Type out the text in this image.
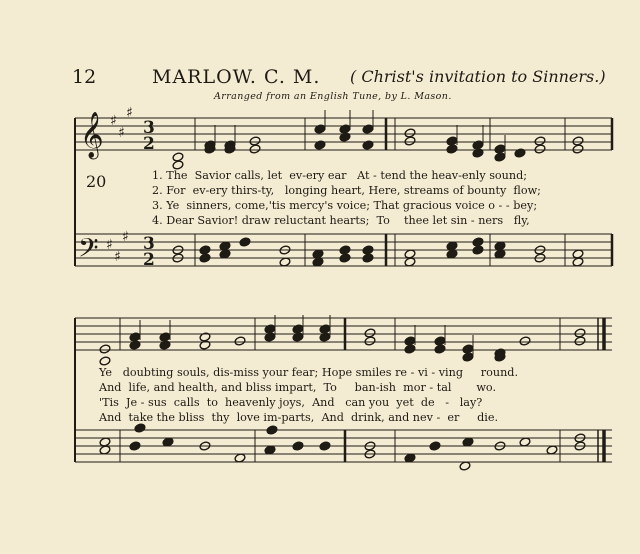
12	MARLOW. C. M. ( Christ's invitation to Sinners.)
Arranged from an English Tune, by L. Mason.
𝄞
𝄢
♯
♯
♯
♯
♯
♯
3
2
3
2
20	1. The  Savior calls, let  ev-ery ear   At - tend the heav-enly sound;
2. For  ev-ery thirs-ty,   longing heart, Here, streams of bounty  flow;
3. Ye  sinners, come,'tis mercy's voice; That gracious voice o - - bey;
4. Dear Savior! draw reluctant hearts;  To    thee let sin - ners   fly,
Ye   doubting souls, dis-miss your fear; Hope smiles re - vi - ving     round.
And  life, and health, and bliss impart,  To     ban-ish  mor - tal       wo.
'Tis  Je - sus  calls  to  heavenly joys,  And   can you  yet  de   -   lay?
And  take the bliss  thy  love im-parts,  And  drink, and nev -  er     die.
